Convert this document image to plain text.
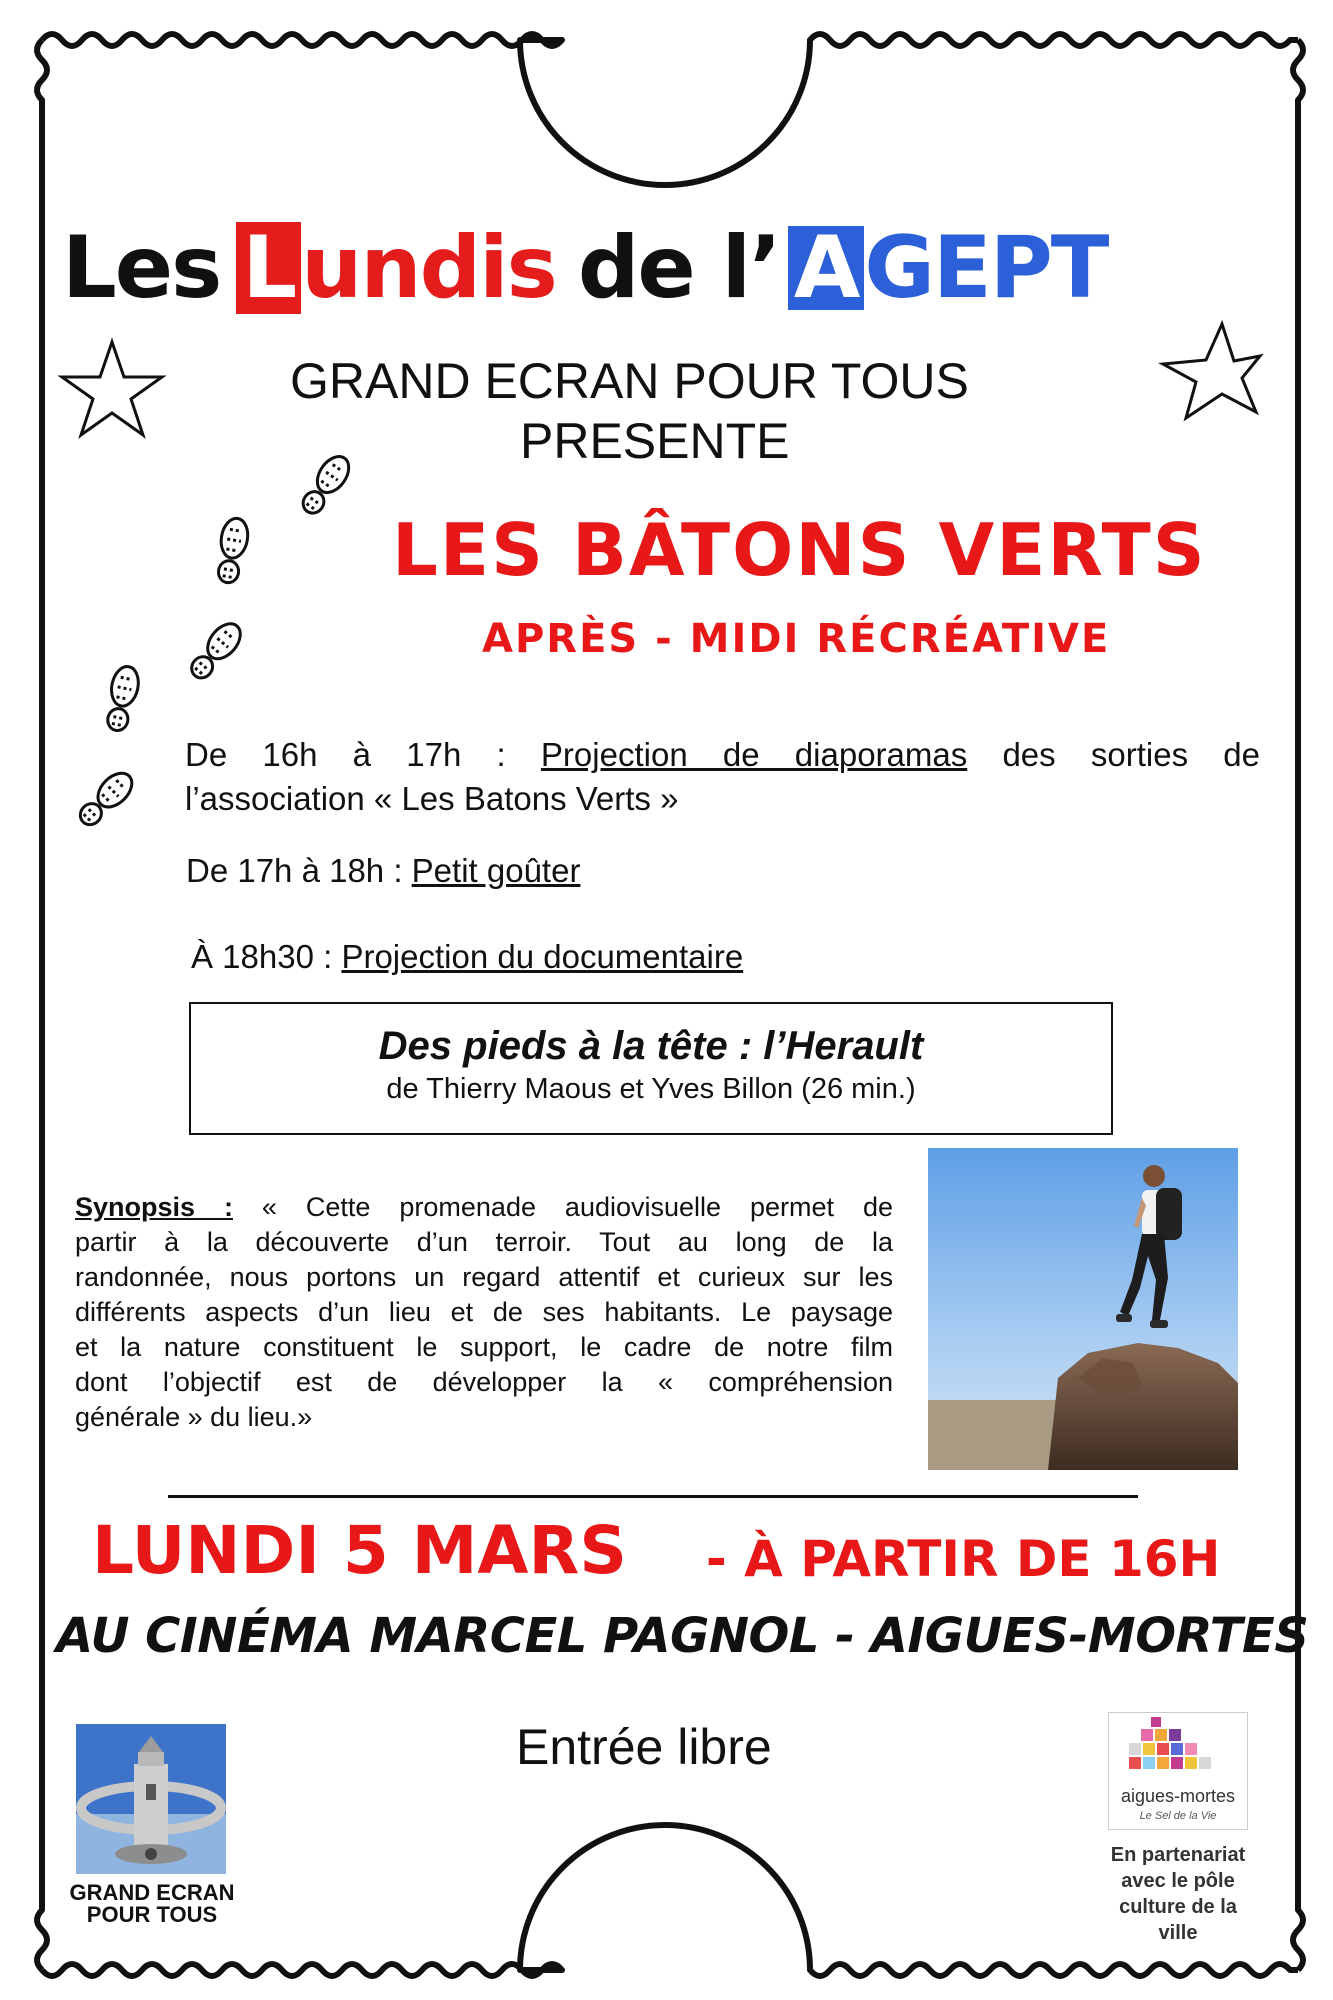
Les L undis de l’ A GEPT
GRAND ECRAN POUR TOUS
PRESENTE
LES BÂTONS VERTS
APRÈS - MIDI RÉCRÉATIVE
De 16h à 17h : Projection de diaporamas des sorties de
l’association « Les Batons Verts »
De 17h à 18h : Petit goûter
À 18h30 : Projection du documentaire
Des pieds à la tête : l’Herault
de Thierry Maous et Yves Billon (26 min.)
Synopsis : « Cette promenade audiovisuelle permet de
partir à la découverte d’un terroir. Tout au long de la
randonnée, nous portons un regard attentif et curieux sur les
différents aspects d’un lieu et de ses habitants. Le paysage
et la nature constituent le support, le cadre de notre film
dont l’objectif est de développer la « compréhension
générale » du lieu.»
LUNDI 5 MARS - À PARTIR DE 16H
AU CINÉMA MARCEL PAGNOL - AIGUES-MORTES
Entrée libre
GRAND ECRAN
POUR TOUS
aigues-mortes
Le Sel de la Vie
En partenariat
avec le pôle
culture de la
ville
